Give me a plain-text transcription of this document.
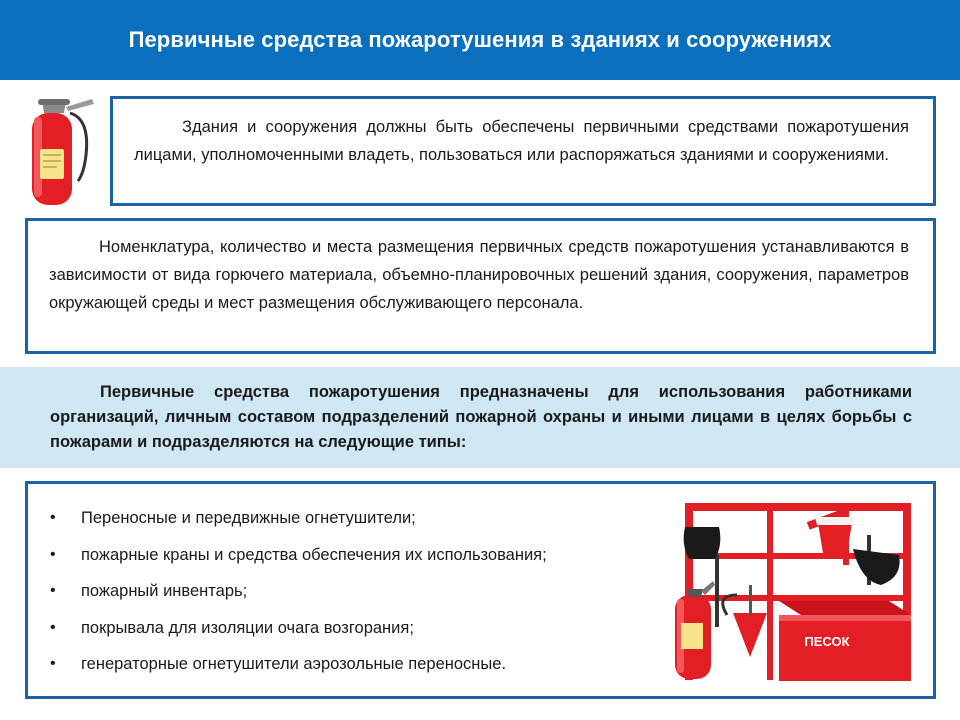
Первичные средства пожаротушения в зданиях и сооружениях

Здания и сооружения должны быть обеспечены первичными средствами пожаротушения лицами, уполномоченными владеть, пользоваться или распоряжаться зданиями и сооружениями.

Номенклатура, количество и места размещения первичных средств пожаротушения устанавливаются в зависимости от вида горючего материала, объемно-планировочных решений здания, сооружения, параметров окружающей среды и мест размещения обслуживающего персонала.

Первичные средства пожаротушения предназначены для использования работниками организаций, личным составом подразделений пожарной охраны и иными лицами в целях борьбы с пожарами и подразделяются на следующие типы:

• Переносные и передвижные огнетушители;
• пожарные краны и средства обеспечения их использования;
• пожарный инвентарь;
• покрывала для изоляции очага возгорания;
• генераторные огнетушители аэрозольные переносные.
ПЕСОК
